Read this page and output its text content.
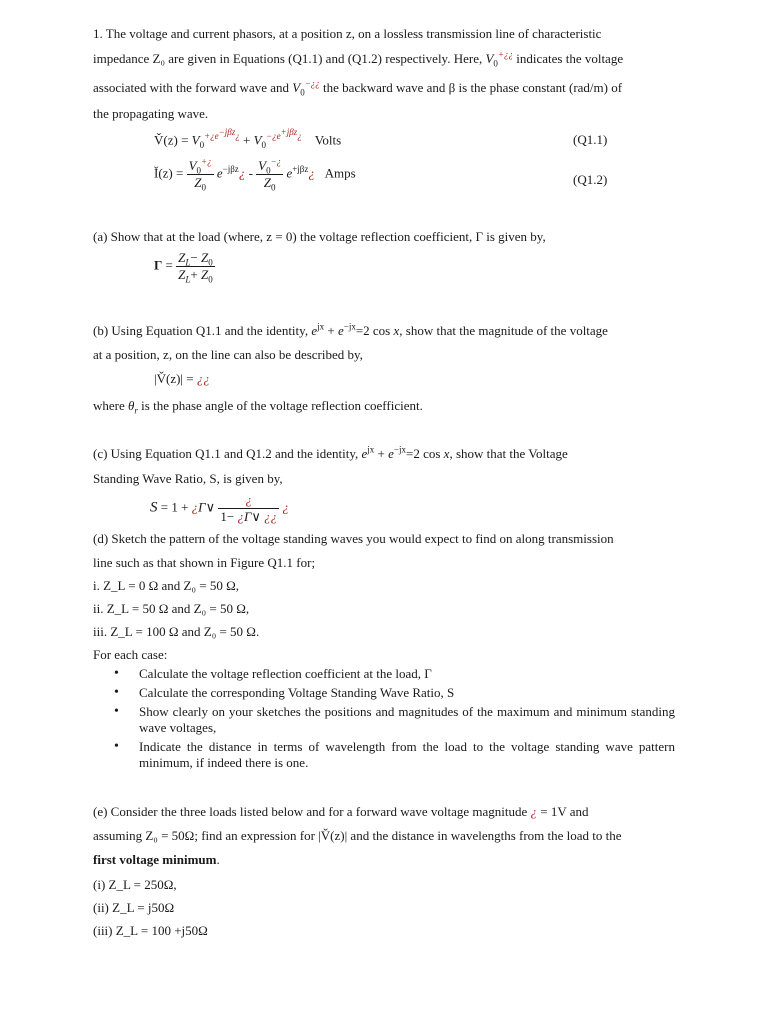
1. The voltage and current phasors, at a position z, on a lossless transmission line of characteristic
impedance Z₀ are given in Equations (Q1.1) and (Q1.2) respectively. Here, $V_0^{+¿¿}$ indicates the voltage
associated with the forward wave and $V_0^{-¿¿}$ the backward wave and β is the phase constant (rad/m) of
the propagating wave.
V̌(z) = $V_0^{+¿e^{-j\beta z}¿} + V_0^{-¿e^{+j\beta z}¿}$ Volts	(Q1.1)
Ǐ(z) = $\frac{V_0^{+¿}}{Z_0}$ $e^{-j\beta z}¿ - \frac{V_0^{-¿}}{Z_0}$ $e^{+j\beta z}¿$ Amps	(Q1.2)
(a) Show that at the load (where, z = 0) the voltage reflection coefficient, Γ is given by,
$\Gamma = \frac{Z_L- Z_0}{Z_L+ Z_0}$
(b) Using Equation Q1.1 and the identity, $e^{jx} + e^{-jx}=2$ cos x, show that the magnitude of the voltage
at a position, z, on the line can also be described by,
|V̌(z)| = ¿¿
where $\theta_r$ is the phase angle of the voltage reflection coefficient.
(c) Using Equation Q1.1 and Q1.2 and the identity, $e^{jx} + e^{-jx}=2$ cos x, show that the Voltage
Standing Wave Ratio, S, is given by,
S = 1 + ¿Γ∨ $\frac{¿}{1- ¿\Gamma\vee ¿¿}$ ¿
(d) Sketch the pattern of the voltage standing waves you would expect to find on along transmission
line such as that shown in Figure Q1.1 for;
i. Z_L = 0 Ω and Z₀ = 50 Ω,
ii. Z_L = 50 Ω and Z₀ = 50 Ω,
iii. Z_L = 100 Ω and Z₀ = 50 Ω.
For each case:
• Calculate the voltage reflection coefficient at the load, Γ
• Calculate the corresponding Voltage Standing Wave Ratio, S
• Show clearly on your sketches the positions and magnitudes of the maximum and minimum standing wave voltages,
• Indicate the distance in terms of wavelength from the load to the voltage standing wave pattern minimum, if indeed there is one.
(e) Consider the three loads listed below and for a forward wave voltage magnitude ¿ = 1V and
assuming Z₀ = 50Ω; find an expression for |V̌(z)| and the distance in wavelengths from the load to the
first voltage minimum.
(i) Z_L = 250Ω,
(ii) Z_L = j50Ω
(iii) Z_L = 100 +j50Ω
